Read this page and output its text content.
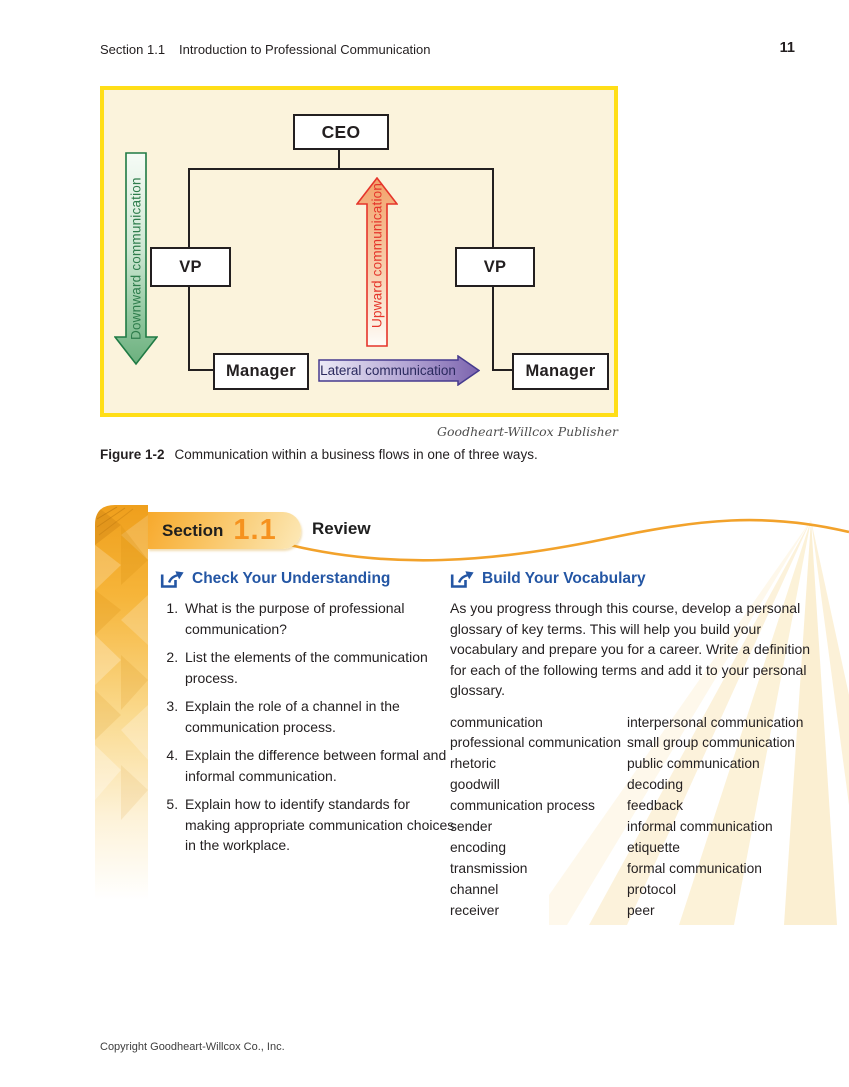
Section 1.1 Introduction to Professional Communication	11
CEO
VP	VP
Manager	Manager
Downward communication	Upward communication
Lateral communication
Goodheart-Willcox Publisher
Figure 1-2 Communication within a business flows in one of three ways.
Section 1.1 Review
Check Your Understanding
1. What is the purpose of professional communication?
2. List the elements of the communication process.
3. Explain the role of a channel in the communication process.
4. Explain the difference between formal and informal communication.
5. Explain how to identify standards for making appropriate communication choices in the workplace.
Build Your Vocabulary

As you progress through this course, develop a personal glossary of key terms. This will help you build your vocabulary and prepare you for a career. Write a definition for each of the following terms and add it to your personal glossary.

communication
professional communication
rhetoric
goodwill
communication process
sender
encoding
transmission
channel
receiver
interpersonal communication
small group communication
public communication
decoding
feedback
informal communication
etiquette
formal communication
protocol
peer
Copyright Goodheart-Willcox Co., Inc.
